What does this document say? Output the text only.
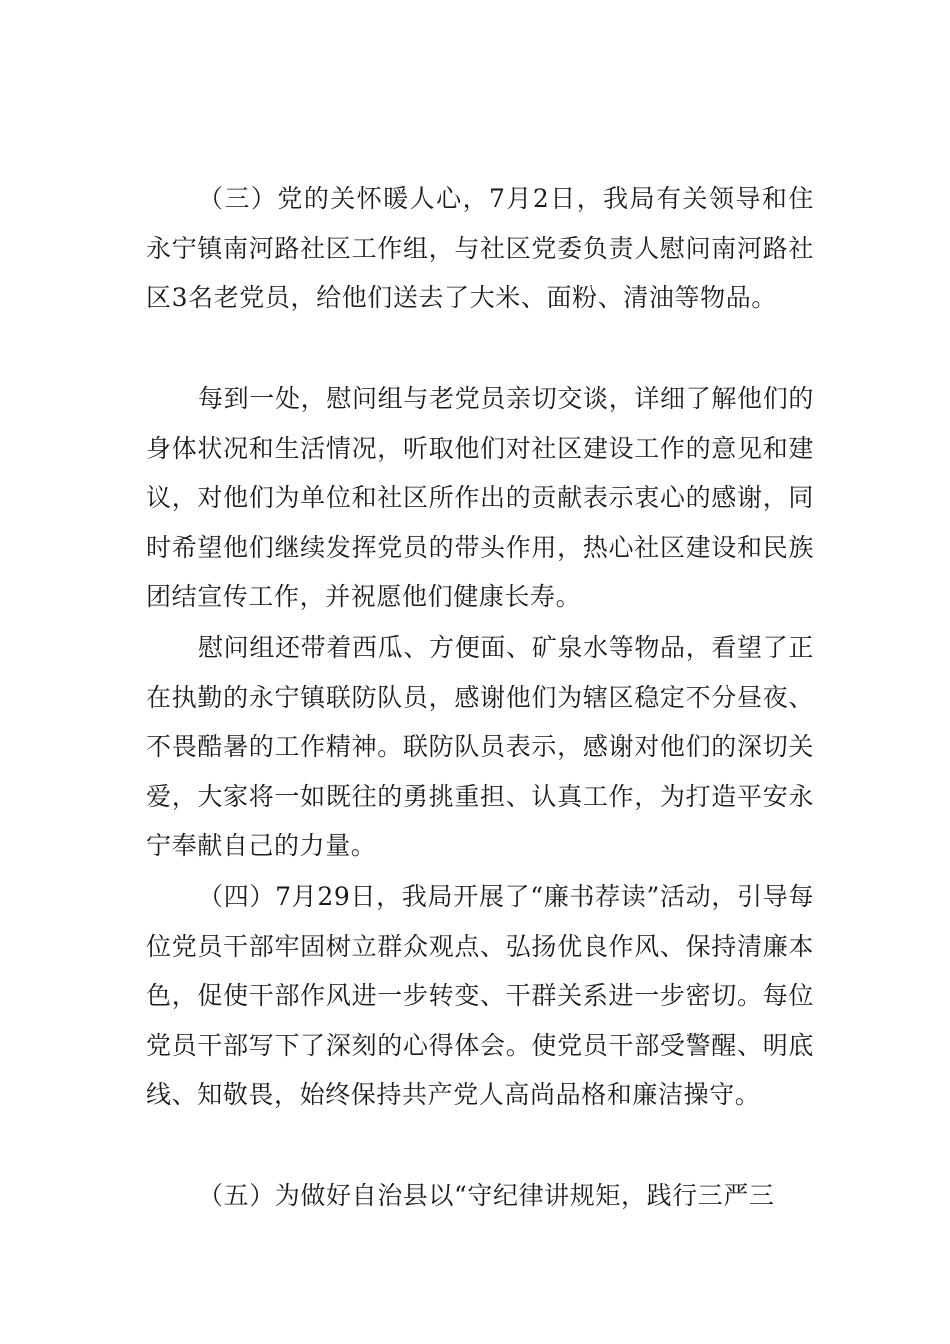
（三）党的关怀暖人心，7月2日，我局有关领导和住永宁镇南河路社区工作组，与社区党委负责人慰问南河路社区3名老党员，给他们送去了大米、面粉、清油等物品。

每到一处，慰问组与老党员亲切交谈，详细了解他们的身体状况和生活情况，听取他们对社区建设工作的意见和建议，对他们为单位和社区所作出的贡献表示衷心的感谢，同时希望他们继续发挥党员的带头作用，热心社区建设和民族团结宣传工作，并祝愿他们健康长寿。

慰问组还带着西瓜、方便面、矿泉水等物品，看望了正在执勤的永宁镇联防队员，感谢他们为辖区稳定不分昼夜、不畏酷暑的工作精神。联防队员表示，感谢对他们的深切关爱，大家将一如既往的勇挑重担、认真工作，为打造平安永宁奉献自己的力量。

（四）7月29日，我局开展了“廉书荐读”活动，引导每位党员干部牢固树立群众观点、弘扬优良作风、保持清廉本色，促使干部作风进一步转变、干群关系进一步密切。每位党员干部写下了深刻的心得体会。使党员干部受警醒、明底线、知敬畏，始终保持共产党人高尚品格和廉洁操守。

（五）为做好自治县以“守纪律讲规矩，践行三严三
